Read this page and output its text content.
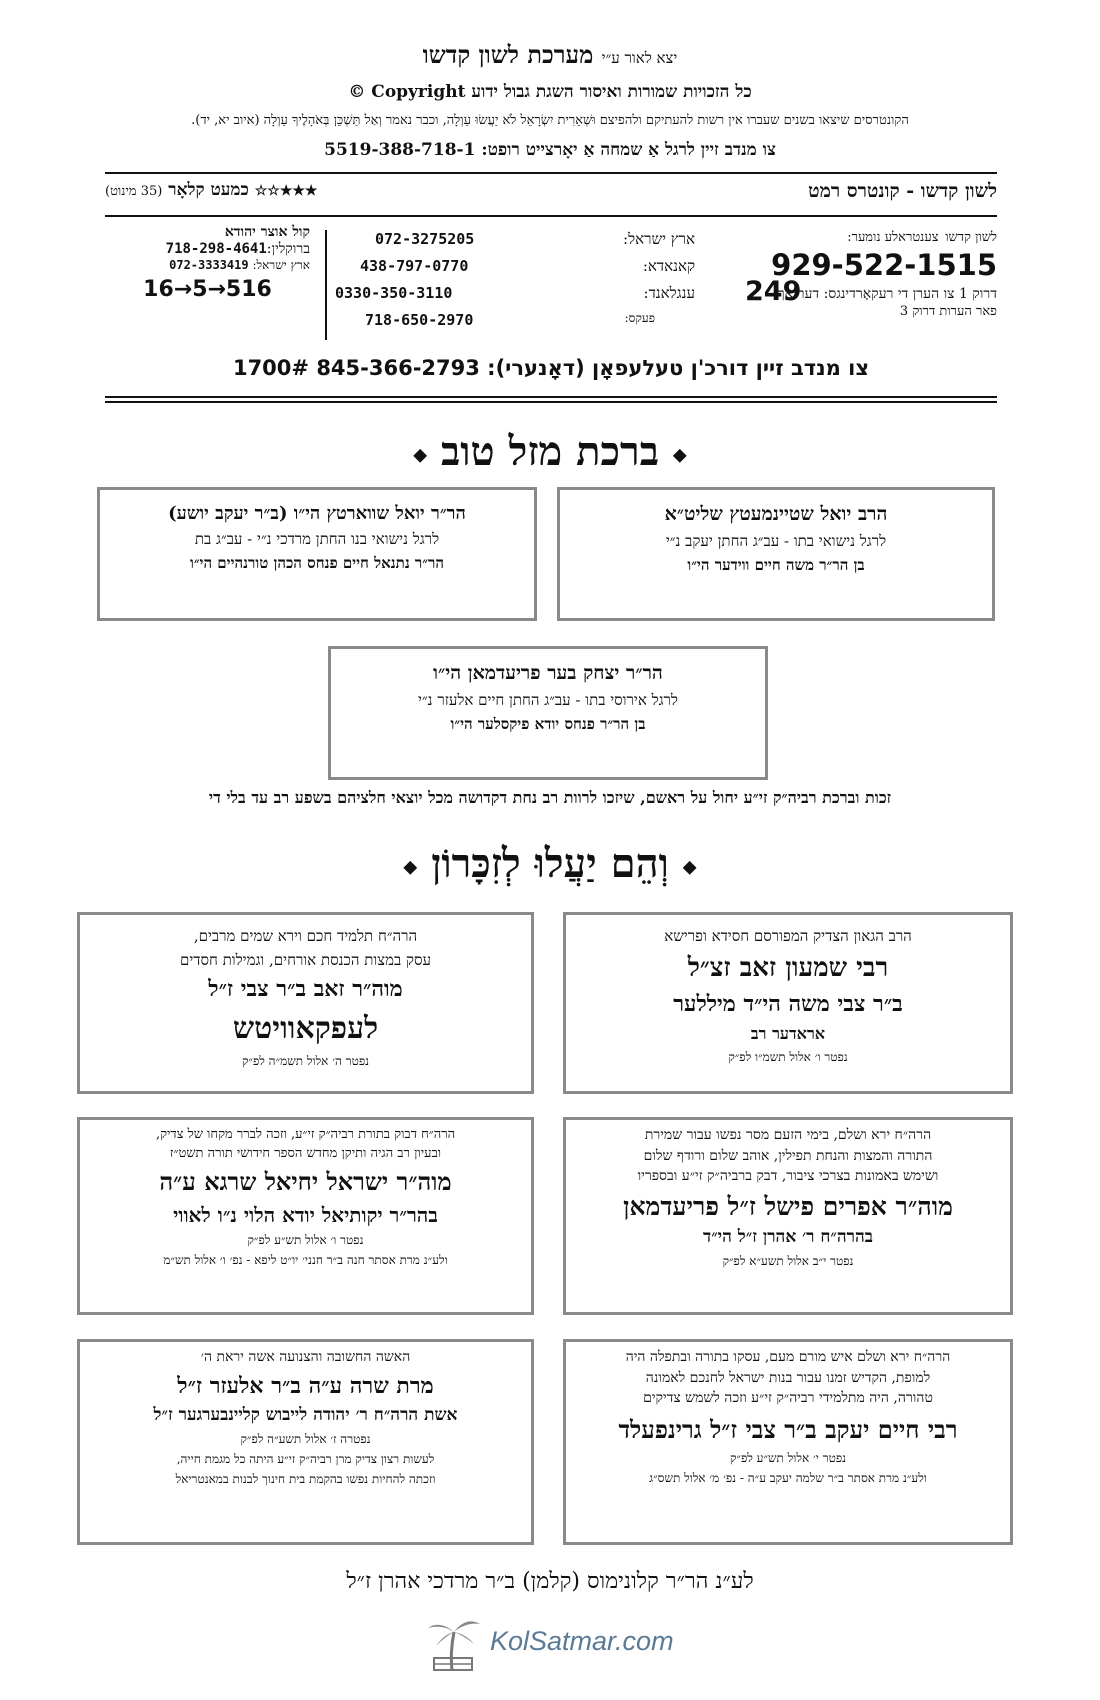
יצא לאור ע״י מערכת לשון קדשו
כל הזכויות שמורות ואיסור השגת גבול ידוע Copyright ©
הקונטרסים שיצאו בשנים שעברו אין רשות להעתיקם ולהפיצם וּשְׁאֵרִית יִשְׂרָאֵל לֹא יַעֲשׂוּ עַוְלָה, וכבר נאמר וְאַל תַּשְׁכֵּן בְּאֹהָלֶיךָ עַוְלָה (איוב יא, יד).
צו מנדב זיין לרגל אַ שמחה אַ יאָרצייט רופט: 5519-388-718-1
לשון קדשו - קונטרס רמט
★★★☆☆ כמעט קלאָר (35 מינוט)
לשון קדשו צענטראלע נומער:
929-522-1515
דרוק 1 צו הערן די רעקאָרדינגס: דערנאך
249
פאר הערות דרוק 3
ארץ ישראל:
072-3275205
קאנאדא:
438-797-0770
ענגלאנד:
0330-350-3110
פעקס:
718-650-2970
קול אוצר יהודא
ברוקלין:718-298-4641
ארץ ישראל: 072-3333419
16→5→516
צו מנדב זיין דורכ'ן טעלעפאָן (דאָנערי): 845-366-2793 1700#
◆ ברכת מזל טוב ◆
הרב יואל שטיינמעטץ שליט״א
לרגל נישואי בתו - עב״ג החתן יעקב נ״י
בן הר״ר משה חיים ווידער הי״ו
הר״ר יואל שווארטץ הי״ו (ב״ר יעקב יושע)
לרגל נישואי בנו החתן מרדכי נ״י - עב״ג בת
הר״ר נתנאל חיים פנחס הכהן טורנהיים הי״ו
הר״ר יצחק בער פריעדמאן הי״ו
לרגל אירוסי בתו - עב״ג החתן חיים אלעזר נ״י
בן הר״ר פנחס יודא פיקסלער הי״ו
זכות וברכת רביה״ק זי״ע יחול על ראשם, שיזכו לרוות רב נחת דקדושה מכל יוצאי חלציהם בשפע רב עד בלי די
◆ וְהֵם יַעֲלוּ לְזִכָּרוֹן ◆
הרב הגאון הצדיק המפורסם חסידא ופרישא
רבי שמעון זאב זצ״ל
ב״ר צבי משה הי״ד מיללער
אראדער רב
נפטר ו׳ אלול תשמ״ו לפ״ק
הרה״ח תלמיד חכם וירא שמים מרבים,
עסק במצות הכנסת אורחים, וגמילות חסדים
מוה״ר זאב ב״ר צבי ז״ל
לעפקאוויטש
נפטר ה׳ אלול תשמ״ה לפ״ק
הרה״ח ירא ושלם, בימי הזעם מסר נפשו עבור שמירת
התורה והמצות והנחת תפילין, אוהב שלום ורודף שלום
ושימש באמונות בצרכי ציבור, דבק ברביה״ק זי״ע ובספריו
מוה״ר אפרים פישל ז״ל פריעדמאן
בהרה״ח ר׳ אהרן ז״ל הי״ד
נפטר י״ב אלול תשע״א לפ״ק
הרה״ח דבוק בתורת רביה״ק זי״ע, וזכה לברר מקחו של צדיק,
ובעיון רב הגיה ותיקן מחדש הספר חידושי תורה תשט״ז
מוה״ר ישראל יחיאל שרגא ע״ה
בהר״ר יקותיאל יודא הלוי נ״ו לאווי
נפטר ו׳ אלול תש״ע לפ״ק
ולע״נ מרת אסתר חנה ב״ר חנני׳ יו״ט ליפא - נפ׳ ו׳ אלול תש״מ
הרה״ח ירא ושלם איש מורם מעם, עסקו בתורה ובתפלה היה
למופת, הקדיש זמנו עבור בנות ישראל לחנכם לאמונה
טהורה, היה מתלמידי רביה״ק זי״ע וזכה לשמש צדיקים
רבי חיים יעקב ב״ר צבי ז״ל גרינפעלד
נפטר י׳ אלול תש״ע לפ״ק
ולע״נ מרת אסתר ב״ר שלמה יעקב ע״ה - נפ׳ מ׳ אלול תשס״ג
האשה החשובה והצנועה אשה יראת ה׳
מרת שרה ע״ה ב״ר אלעזר ז״ל
אשת הרה״ח ר׳ יהודה לייבוש קליינבערגער ז״ל
נפטרה ז׳ אלול תשע״ה לפ״ק
לעשות רצון צדיק מרן רביה״ק זי״ע היתה כל מגמת חייה,
וזכתה להחיות נפשו בהקמת בית חינוך לבנות במאנטריאל
לע״נ הר״ר קלונימוס (קלמן) ב״ר מרדכי אהרן ז״ל
KolSatmar.com
